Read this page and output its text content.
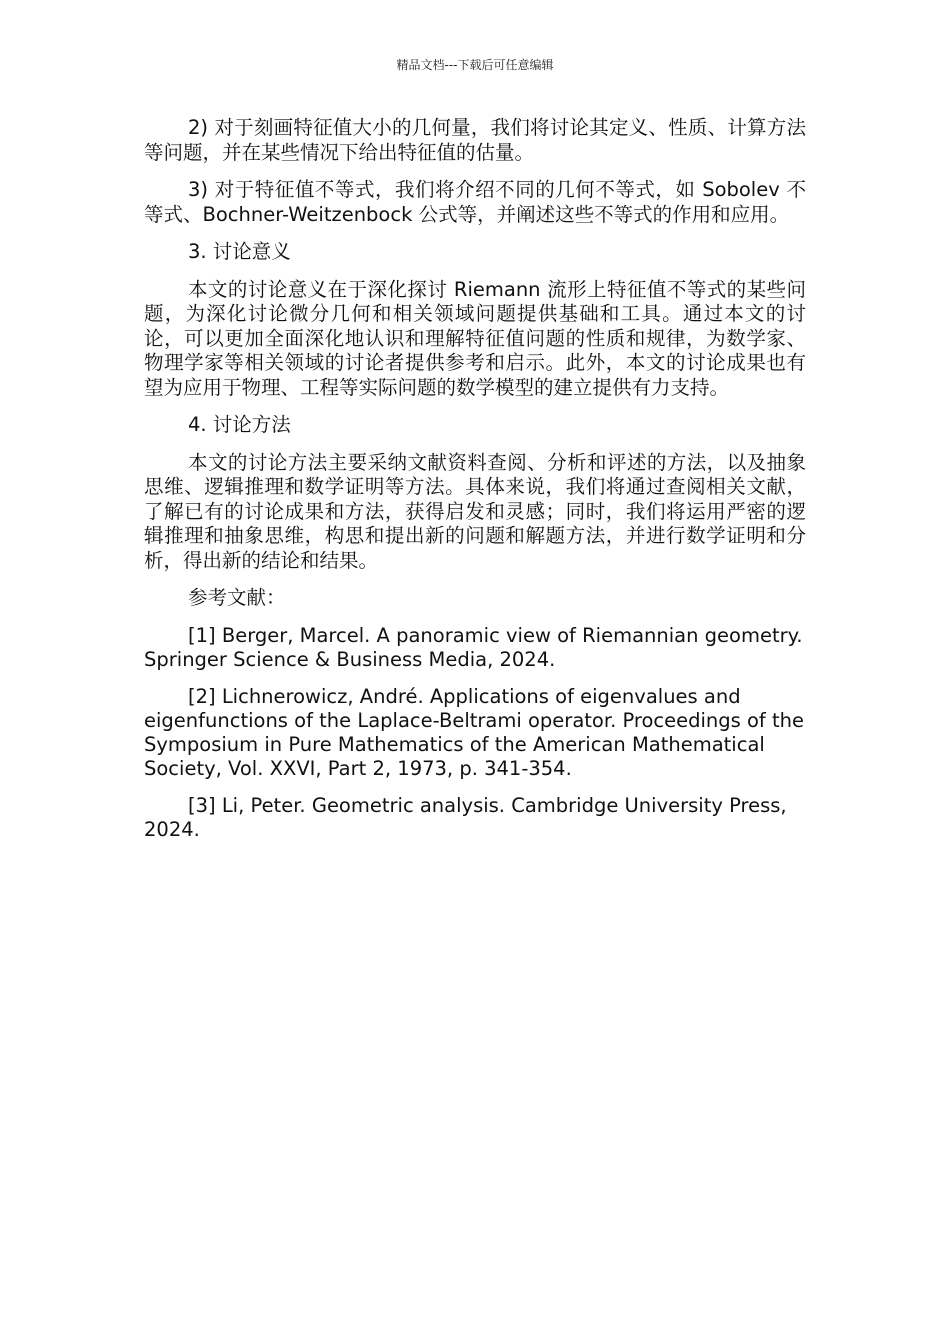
精品文档---下载后可任意编辑

2) 对于刻画特征值大小的几何量，我们将讨论其定义、性质、计算方法等问题，并在某些情况下给出特征值的估量。

3) 对于特征值不等式，我们将介绍不同的几何不等式，如 Sobolev 不等式、Bochner-Weitzenbock 公式等，并阐述这些不等式的作用和应用。

3. 讨论意义

本文的讨论意义在于深化探讨 Riemann 流形上特征值不等式的某些问题，为深化讨论微分几何和相关领域问题提供基础和工具。通过本文的讨论，可以更加全面深化地认识和理解特征值问题的性质和规律，为数学家、物理学家等相关领域的讨论者提供参考和启示。此外，本文的讨论成果也有望为应用于物理、工程等实际问题的数学模型的建立提供有力支持。

4. 讨论方法

本文的讨论方法主要采纳文献资料查阅、分析和评述的方法，以及抽象思维、逻辑推理和数学证明等方法。具体来说，我们将通过查阅相关文献，了解已有的讨论成果和方法，获得启发和灵感；同时，我们将运用严密的逻辑推理和抽象思维，构思和提出新的问题和解题方法，并进行数学证明和分析，得出新的结论和结果。

参考文献：

[1] Berger, Marcel. A panoramic view of Riemannian geometry. Springer Science & Business Media, 2024.

[2] Lichnerowicz, André. Applications of eigenvalues and eigenfunctions of the Laplace-Beltrami operator. Proceedings of the Symposium in Pure Mathematics of the American Mathematical Society, Vol. XXVI, Part 2, 1973, p. 341-354.

[3] Li, Peter. Geometric analysis. Cambridge University Press, 2024.
